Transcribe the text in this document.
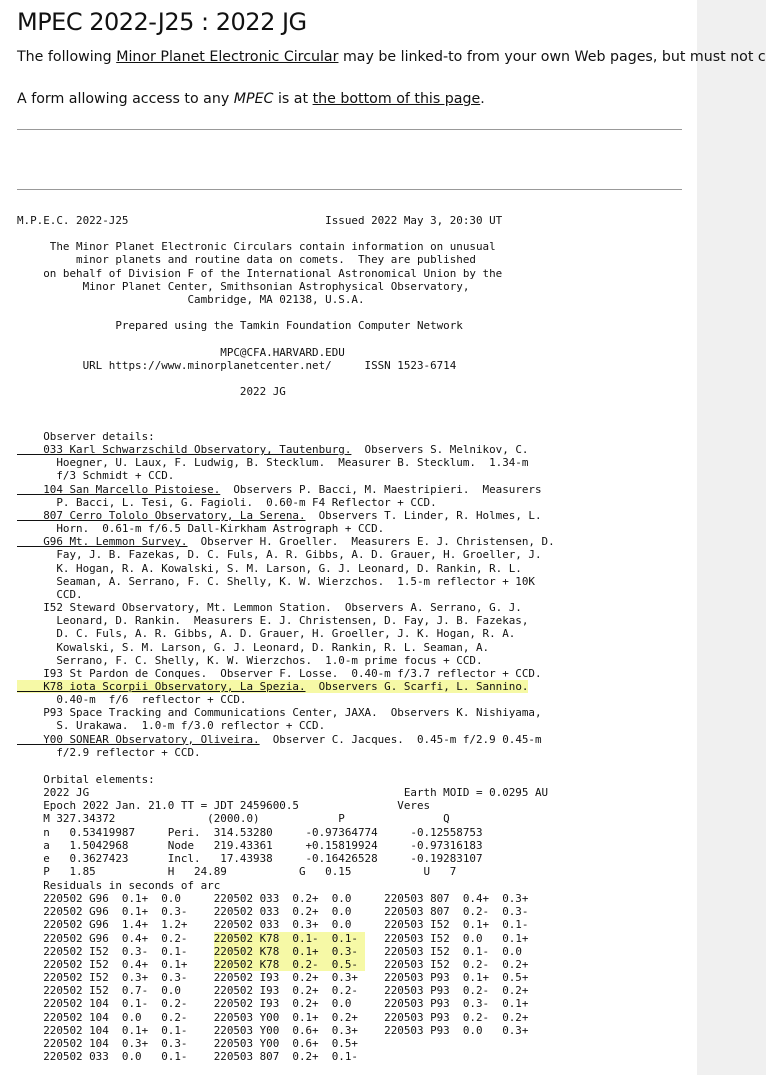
MPEC 2022-J25 : 2022 JG
The following Minor Planet Electronic Circular may be linked-to from your own Web pages, but must not c
A form allowing access to any MPEC is at the bottom of this page.
M.P.E.C. 2022-J25                              Issued 2022 May 3, 20:30 UT

The Minor Planet Electronic Circulars contain information on unusual
minor planets and routine data on comets.  They are published
on behalf of Division F of the International Astronomical Union by the
Minor Planet Center, Smithsonian Astrophysical Observatory,
Cambridge, MA 02138, U.S.A.

Prepared using the Tamkin Foundation Computer Network

MPC@CFA.HARVARD.EDU
URL https://www.minorplanetcenter.net/     ISSN 1523-6714

2022 JG
Observer details:
033 Karl Schwarzschild Observatory, Tautenburg.  Observers S. Melnikov, C.
Hoegner, U. Laux, F. Ludwig, B. Stecklum.  Measurer B. Stecklum.  1.34-m
f/3 Schmidt + CCD.
104 San Marcello Pistoiese.  Observers P. Bacci, M. Maestripieri.  Measurers
P. Bacci, L. Tesi, G. Fagioli.  0.60-m F4 Reflector + CCD.
807 Cerro Tololo Observatory, La Serena.  Observers T. Linder, R. Holmes, L.
Horn.  0.61-m f/6.5 Dall-Kirkham Astrograph + CCD.
G96 Mt. Lemmon Survey.  Observer H. Groeller.  Measurers E. J. Christensen, D.
Fay, J. B. Fazekas, D. C. Fuls, A. R. Gibbs, A. D. Grauer, H. Groeller, J.
K. Hogan, R. A. Kowalski, S. M. Larson, G. J. Leonard, D. Rankin, R. L.
Seaman, A. Serrano, F. C. Shelly, K. W. Wierzchos.  1.5-m reflector + 10K
CCD.
I52 Steward Observatory, Mt. Lemmon Station.  Observers A. Serrano, G. J.
Leonard, D. Rankin.  Measurers E. J. Christensen, D. Fay, J. B. Fazekas,
D. C. Fuls, A. R. Gibbs, A. D. Grauer, H. Groeller, J. K. Hogan, R. A.
Kowalski, S. M. Larson, G. J. Leonard, D. Rankin, R. L. Seaman, A.
Serrano, F. C. Shelly, K. W. Wierzchos.  1.0-m prime focus + CCD.
I93 St Pardon de Conques.  Observer F. Losse.  0.40-m f/3.7 reflector + CCD.
K78 iota Scorpii Observatory, La Spezia.  Observers G. Scarfi, L. Sannino.
0.40-m  f/6  reflector + CCD.
P93 Space Tracking and Communications Center, JAXA.  Observers K. Nishiyama,
S. Urakawa.  1.0-m f/3.0 reflector + CCD.
Y00 SONEAR Observatory, Oliveira.  Observer C. Jacques.  0.45-m f/2.9 0.45-m
f/2.9 reflector + CCD.
Orbital elements:
2022 JG                                                Earth MOID = 0.0295 AU
Epoch 2022 Jan. 21.0 TT = JDT 2459600.5               Veres
M 327.34372              (2000.0)            P               Q
n   0.53419987     Peri.  314.53280     -0.97364774     -0.12558753
a   1.5042968      Node   219.43361     +0.15819924     -0.97316183
e   0.3627423      Incl.   17.43938     -0.16426528     -0.19283107
P   1.85           H   24.89           G   0.15           U   7
Residuals in seconds of arc
220502 G96  0.1+  0.0     220502 033  0.2+  0.0     220503 807  0.4+  0.3+
220502 G96  0.1+  0.3-    220502 033  0.2+  0.0     220503 807  0.2-  0.3-
220502 G96  1.4+  1.2+    220502 033  0.3+  0.0     220503 I52  0.1+  0.1-
220502 G96  0.4+  0.2-    220502 K78  0.1-  0.1-    220503 I52  0.0   0.1+
220502 I52  0.3-  0.1-    220502 K78  0.1+  0.3-    220503 I52  0.1-  0.0
220502 I52  0.4+  0.1+    220502 K78  0.2-  0.5-    220503 I52  0.2-  0.2+
220502 I52  0.3+  0.3-    220502 I93  0.2+  0.3+    220503 P93  0.1+  0.5+
220502 I52  0.7-  0.0     220502 I93  0.2+  0.2-    220503 P93  0.2-  0.2+
220502 104  0.1-  0.2-    220502 I93  0.2+  0.0     220503 P93  0.3-  0.1+
220502 104  0.0   0.2-    220503 Y00  0.1+  0.2+    220503 P93  0.2-  0.2+
220502 104  0.1+  0.1-    220503 Y00  0.6+  0.3+    220503 P93  0.0   0.3+
220502 104  0.3+  0.3-    220503 Y00  0.6+  0.5+
220502 033  0.0   0.1-    220503 807  0.2+  0.1-
